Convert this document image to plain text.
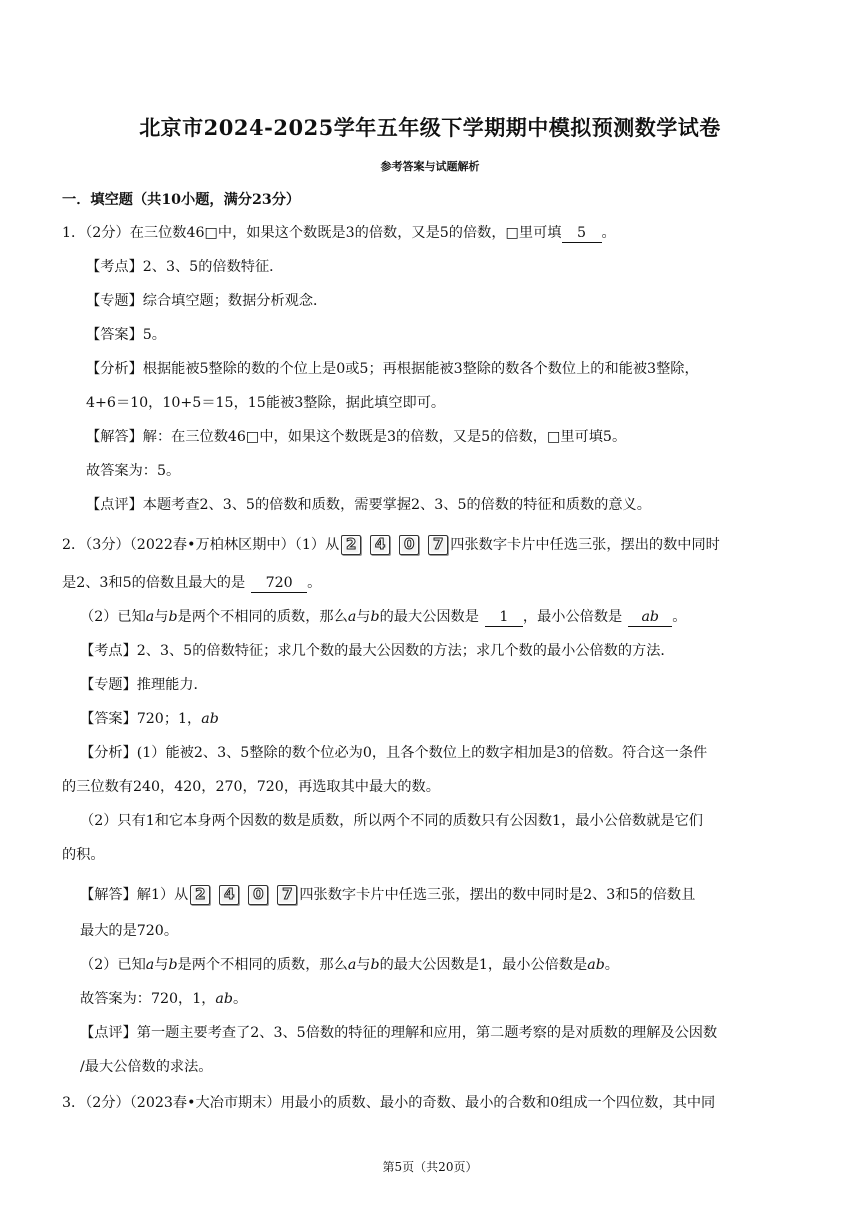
北京市2024-2025学年五年级下学期期中模拟预测数学试卷
参考答案与试题解析
一．填空题（共10小题，满分23分）
1．（2分）在三位数46□中，如果这个数既是3的倍数，又是5的倍数，□里可填 5 。
【考点】2、3、5的倍数特征．
【专题】综合填空题；数据分析观念．
【答案】5。
【分析】根据能被5整除的数的个位上是0或5；再根据能被3整除的数各个数位上的和能被3整除，
4+6＝10，10+5＝15，15能被3整除，据此填空即可。
【解答】解：在三位数46□中，如果这个数既是3的倍数，又是5的倍数，□里可填5。
故答案为：5。
【点评】本题考查2、3、5的倍数和质数，需要掌握2、3、5的倍数的特征和质数的意义。
2．（3分）（2022春•万柏林区期中）（1）从 2	4	0	7 四张数字卡片中任选三张，摆出的数中同时
是2、3和5的倍数且最大的是 720 。
（2）已知a与b是两个不相同的质数，那么a与b的最大公因数是 1 ，最小公倍数是 ab 。
【考点】2、3、5的倍数特征；求几个数的最大公因数的方法；求几个数的最小公倍数的方法．
【专题】推理能力．
【答案】720；1，ab
【分析】(1）能被2、3、5整除的数个位必为0，且各个数位上的数字相加是3的倍数。符合这一条件
的三位数有240，420，270，720，再选取其中最大的数。
（2）只有1和它本身两个因数的数是质数，所以两个不同的质数只有公因数1，最小公倍数就是它们
的积。
【解答】解1）从 2	4	0	7 四张数字卡片中任选三张，摆出的数中同时是2、3和5的倍数且
最大的是720。
（2）已知a与b是两个不相同的质数，那么a与b的最大公因数是1，最小公倍数是ab。
故答案为：720，1，ab。
【点评】第一题主要考查了2、3、5倍数的特征的理解和应用，第二题考察的是对质数的理解及公因数
/最大公倍数的求法。
3．（2分）（2023春•大冶市期末）用最小的质数、最小的奇数、最小的合数和0组成一个四位数，其中同
第5页（共20页）
